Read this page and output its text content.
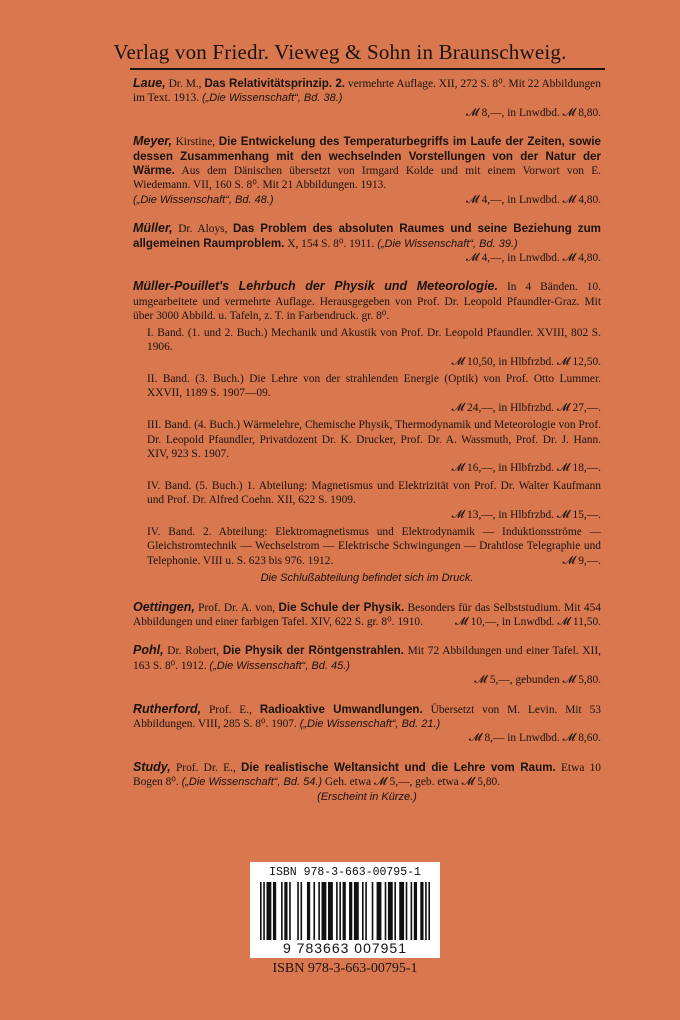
Verlag von Friedr. Vieweg & Sohn in Braunschweig.
Laue, Dr. M., Das Relativitätsprinzip. 2. vermehrte Auflage. XII, 272 S. 8⁰. Mit 22 Abbildungen im Text. 1913. („Die Wissenschaft“, Bd. 38.)
𝓜 8,—, in Lnwdbd. 𝓜 8,80.
Meyer, Kirstine, Die Entwickelung des Temperaturbegriffs im Laufe der Zeiten, sowie dessen Zusammenhang mit den wechselnden Vorstellungen von der Natur der Wärme. Aus dem Dänischen übersetzt von Irmgard Kolde und mit einem Vorwort von E. Wiedemann. VII, 160 S. 8⁰. Mit 21 Abbildungen. 1913.
(„Die Wissenschaft“, Bd. 48.)	𝓜 4,—, in Lnwdbd. 𝓜 4,80.
Müller, Dr. Aloys, Das Problem des absoluten Raumes und seine Beziehung zum allgemeinen Raumproblem. X, 154 S. 8⁰. 1911. („Die Wissenschaft“, Bd. 39.)
𝓜 4,—, in Lnwdbd. 𝓜 4,80.
Müller-Pouillet's Lehrbuch der Physik und Meteorologie. In 4 Bänden. 10. umgearbeitete und vermehrte Auflage. Herausgegeben von Prof. Dr. Leopold Pfaundler-Graz. Mit über 3000 Abbild. u. Tafeln, z. T. in Farbendruck. gr. 8⁰.
I. Band. (1. und 2. Buch.) Mechanik und Akustik von Prof. Dr. Leopold Pfaundler. XVIII, 802 S. 1906.
𝓜 10,50, in Hlbfrzbd. 𝓜 12,50.
II. Band. (3. Buch.) Die Lehre von der strahlenden Energie (Optik) von Prof. Otto Lummer. XXVII, 1189 S. 1907—09.
𝓜 24,—, in Hlbfrzbd. 𝓜 27,—.
III. Band. (4. Buch.) Wärmelehre, Chemische Physik, Thermodynamik und Meteorologie von Prof. Dr. Leopold Pfaundler, Privatdozent Dr. K. Drucker, Prof. Dr. A. Wassmuth, Prof. Dr. J. Hann. XIV, 923 S. 1907.
𝓜 16,—, in Hlbfrzbd. 𝓜 18,—.
IV. Band. (5. Buch.) 1. Abteilung: Magnetismus und Elektrizität von Prof. Dr. Walter Kaufmann und Prof. Dr. Alfred Coehn. XII, 622 S. 1909.
𝓜 13,—, in Hlbfrzbd. 𝓜 15,—.
IV. Band. 2. Abteilung: Elektromagnetismus und Elektrodynamik — Induktionsströme — Gleichstromtechnik — Wechselstrom — Elektrische Schwingungen — Drahtlose Telegraphie und Telephonie. VIII u. S. 623 bis 976. 1912.	𝓜 9,—.
Die Schlußabteilung befindet sich im Druck.
Oettingen, Prof. Dr. A. von, Die Schule der Physik. Besonders für das Selbststudium. Mit 454 Abbildungen und einer farbigen Tafel. XIV, 622 S. gr. 8⁰. 1910.	𝓜 10,—, in Lnwdbd. 𝓜 11,50.
Pohl, Dr. Robert, Die Physik der Röntgenstrahlen. Mit 72 Abbildungen und einer Tafel. XII, 163 S. 8⁰. 1912. („Die Wissenschaft“, Bd. 45.)
𝓜 5,—, gebunden 𝓜 5,80.
Rutherford, Prof. E., Radioaktive Umwandlungen. Übersetzt von M. Levin. Mit 53 Abbildungen. VIII, 285 S. 8⁰. 1907. („Die Wissenschaft“, Bd. 21.)
𝓜 8,— in Lnwdbd. 𝓜 8,60.
Study, Prof. Dr. E., Die realistische Weltansicht und die Lehre vom Raum. Etwa 10 Bogen 8⁰. („Die Wissenschaft“, Bd. 54.) Geh. etwa 𝓜 5,—, geb. etwa 𝓜 5,80.
(Erscheint in Kürze.)
ISBN 978-3-663-00795-1
9 783663 007951
ISBN 978-3-663-00795-1
